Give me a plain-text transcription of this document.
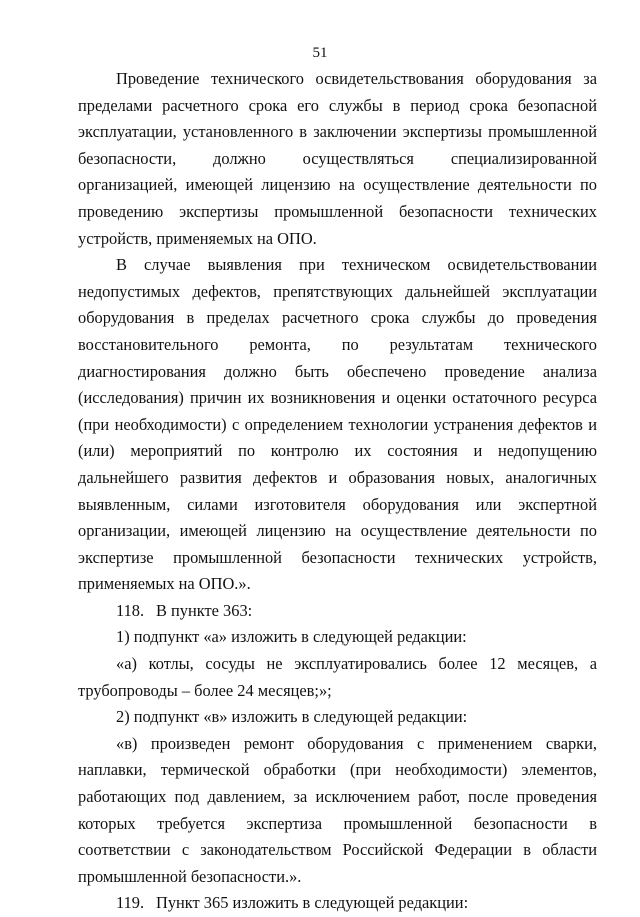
51

Проведение технического освидетельствования оборудования за пределами расчетного срока его службы в период срока безопасной эксплуатации, установленного в заключении экспертизы промышленной безопасности, должно осуществляться специализированной организацией, имеющей лицензию на осуществление деятельности по проведению экспертизы промышленной безопасности технических устройств, применяемых на ОПО.

В случае выявления при техническом освидетельствовании недопустимых дефектов, препятствующих дальнейшей эксплуатации оборудования в пределах расчетного срока службы до проведения восстановительного ремонта, по результатам технического диагностирования должно быть обеспечено проведение анализа (исследования) причин их возникновения и оценки остаточного ресурса (при необходимости) с определением технологии устранения дефектов и (или) мероприятий по контролю их состояния и недопущению дальнейшего развития дефектов и образования новых, аналогичных выявленным, силами изготовителя оборудования или экспертной организации, имеющей лицензию на осуществление деятельности по экспертизе промышленной безопасности технических устройств, применяемых на ОПО.».

118. В пункте 363:

1) подпункт «а» изложить в следующей редакции:

«а) котлы, сосуды не эксплуатировались более 12 месяцев, а трубопроводы – более 24 месяцев;»;

2) подпункт «в» изложить в следующей редакции:

«в) произведен ремонт оборудования с применением сварки, наплавки, термической обработки (при необходимости) элементов, работающих под давлением, за исключением работ, после проведения которых требуется экспертиза промышленной безопасности в соответствии с законодательством Российской Федерации в области промышленной безопасности.».

119. Пункт 365 изложить в следующей редакции:
